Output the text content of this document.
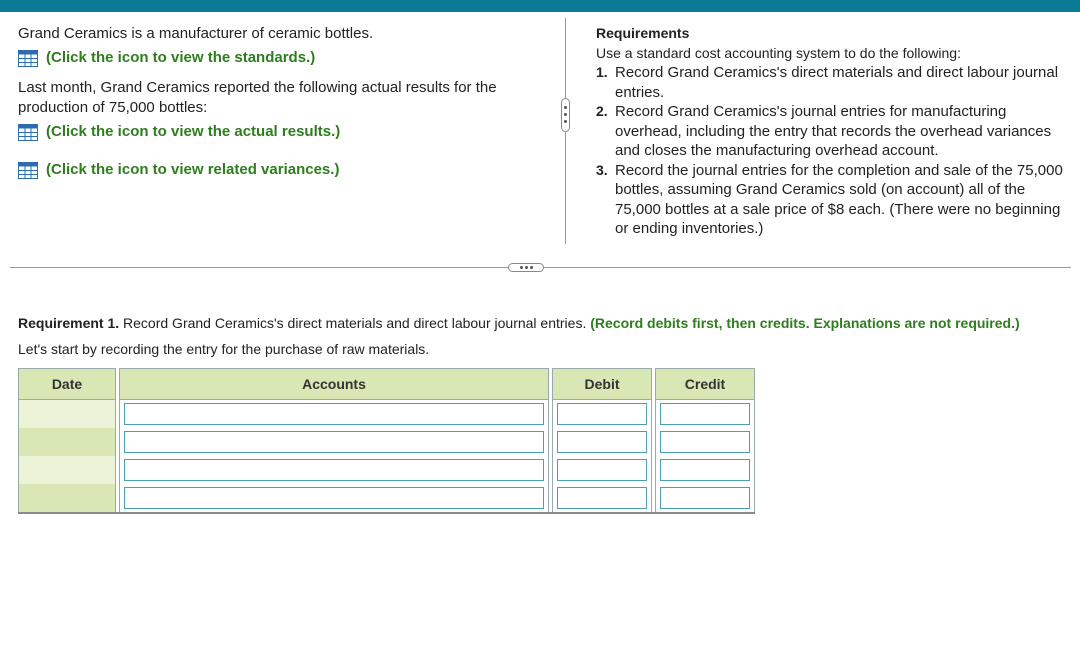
Grand Ceramics is a manufacturer of ceramic bottles.

(Click the icon to view the standards.)

Last month, Grand Ceramics reported the following actual results for the production of 75,000 bottles:

(Click the icon to view the actual results.)
(Click the icon to view related variances.)

Requirements

Use a standard cost accounting system to do the following:

1. Record Grand Ceramics's direct materials and direct labour journal entries.
2. Record Grand Ceramics's journal entries for manufacturing overhead, including the entry that records the overhead variances and closes the manufacturing overhead account.
3. Record the journal entries for the completion and sale of the 75,000 bottles, assuming Grand Ceramics sold (on account) all of the 75,000 bottles at a sale price of $8 each. (There were no beginning or ending inventories.)
Requirement 1. Record Grand Ceramics's direct materials and direct labour journal entries. (Record debits first, then credits. Explanations are not required.)
Let's start by recording the entry for the purchase of raw materials.
Date		Accounts		Debit		Credit
